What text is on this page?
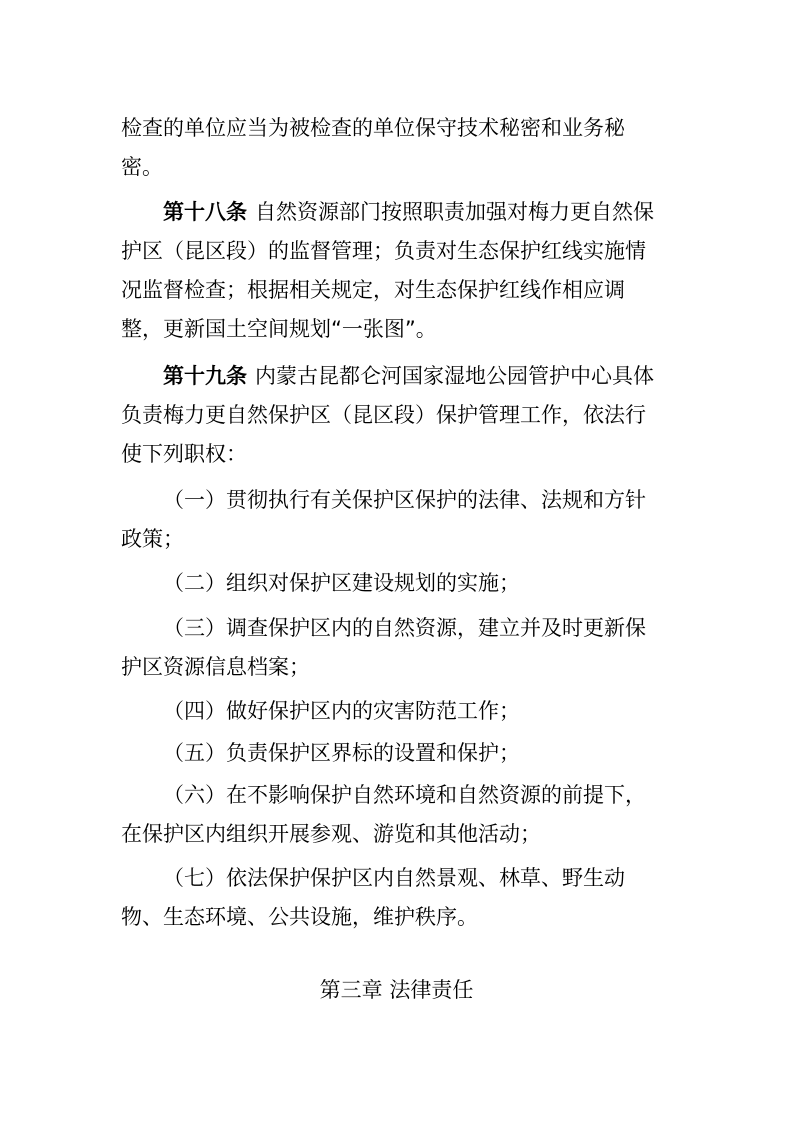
检查的单位应当为被检查的单位保守技术秘密和业务秘
密。
第十八条 自然资源部门按照职责加强对梅力更自然保
护区（昆区段）的监督管理；负责对生态保护红线实施情
况监督检查；根据相关规定，对生态保护红线作相应调
整，更新国土空间规划“一张图”。
第十九条 内蒙古昆都仑河国家湿地公园管护中心具体
负责梅力更自然保护区（昆区段）保护管理工作，依法行
使下列职权：
（一）贯彻执行有关保护区保护的法律、法规和方针
政策；
（二）组织对保护区建设规划的实施；
（三）调查保护区内的自然资源，建立并及时更新保
护区资源信息档案；
（四）做好保护区内的灾害防范工作；
（五）负责保护区界标的设置和保护；
（六）在不影响保护自然环境和自然资源的前提下，
在保护区内组织开展参观、游览和其他活动；
（七）依法保护保护区内自然景观、林草、野生动
物、生态环境、公共设施，维护秩序。
第三章 法律责任
